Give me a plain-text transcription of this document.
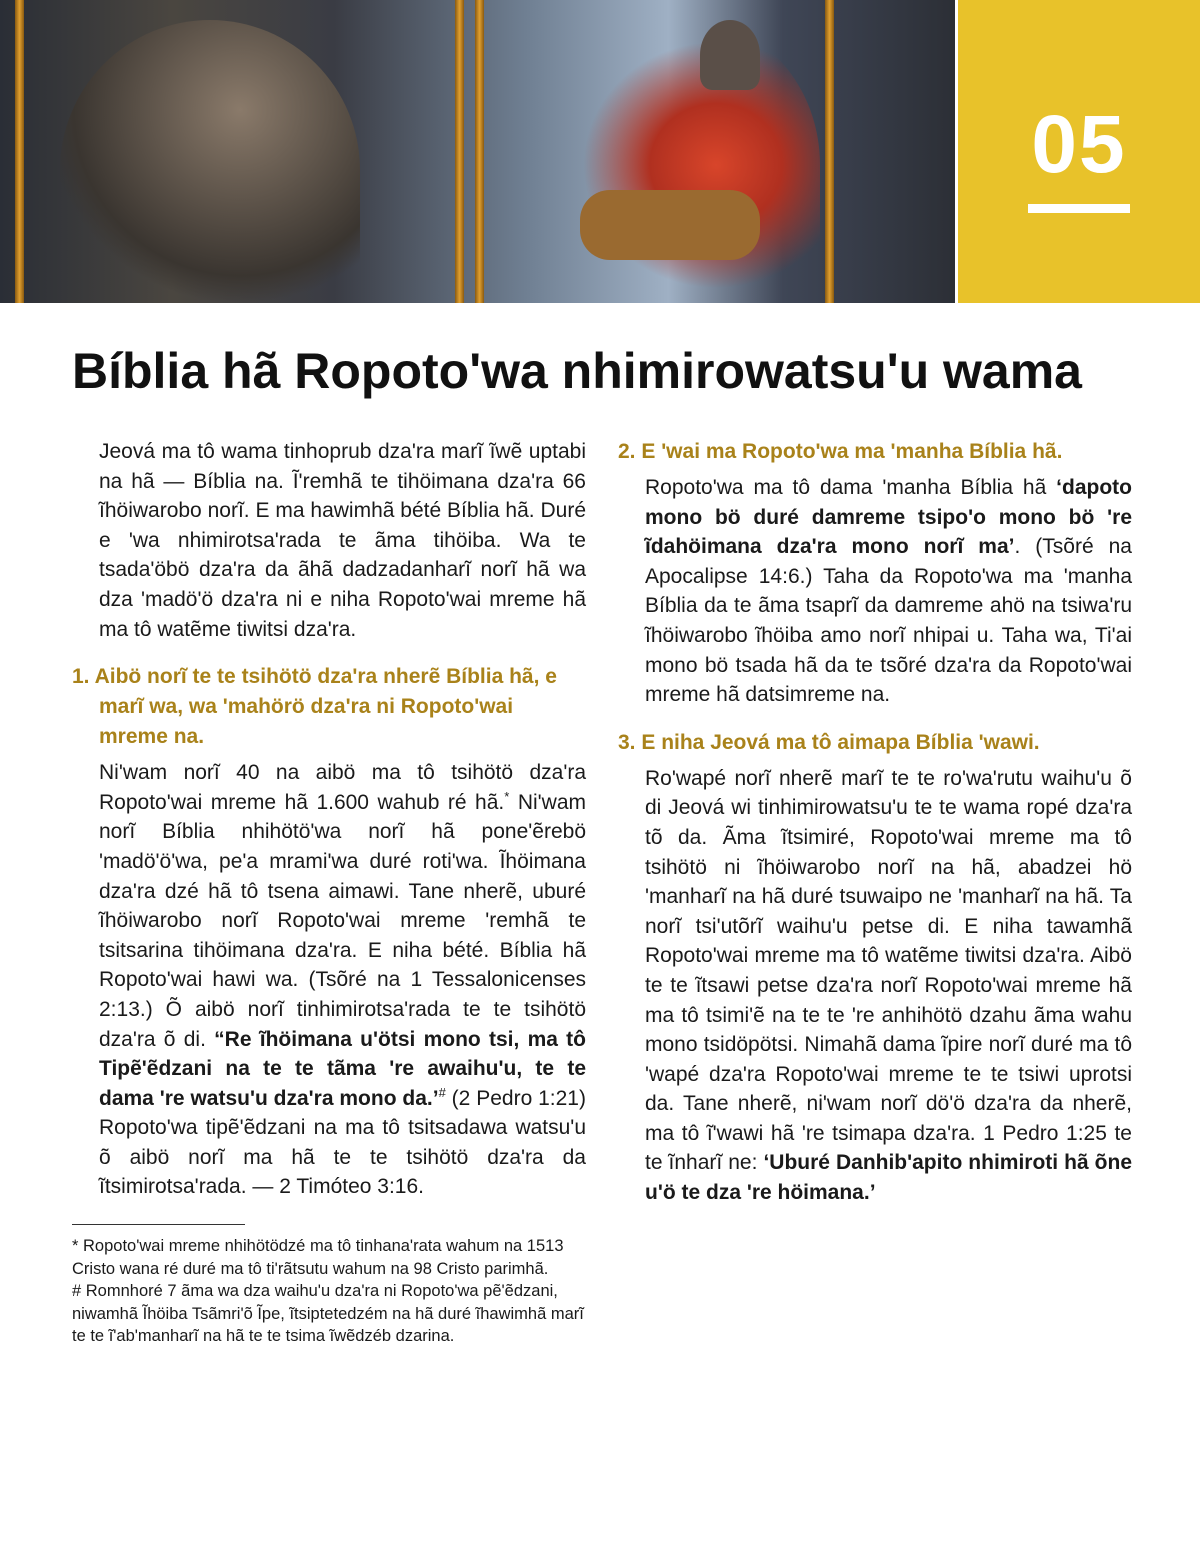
05
Bíblia hã Ropoto'wa nhimirowatsu'u wama

Jeová ma tô wama tinhoprub dza'ra marĩ ĩwẽ uptabi na hã — Bíblia na. Ĩ'remhã te tihöimana dza'ra 66 ĩhöiwarobo norĩ. E ma hawimhã bété Bíblia hã. Duré e 'wa nhimirotsa'rada te ãma tihöiba. Wa te tsada'öbö dza'ra da ãhã dadzadanharĩ norĩ hã wa dza 'madö'ö dza'ra ni e niha Ropoto'wai mreme hã ma tô watẽme tiwitsi dza'ra.

1. Aibö norĩ te te tsihötö dza'ra nherẽ Bíblia hã, e marĩ wa, wa 'mahörö dza'ra ni Ropoto'wai mreme na.

Ni'wam norĩ 40 na aibö ma tô tsihötö dza'ra Ropoto'wai mreme hã 1.600 wahub ré hã.* Ni'wam norĩ Bíblia nhihötö'wa norĩ hã pone'ẽrebö 'madö'ö'wa, pe'a mrami'wa duré roti'wa. Ĩhöimana dza'ra dzé hã tô tsena aimawi. Tane nherẽ, uburé ĩhöiwarobo norĩ Ropoto'wai mreme 'remhã te tsitsarina tihöimana dza'ra. E niha bété. Bíblia hã Ropoto'wai hawi wa. (Tsõré na 1 Tessalonicenses 2:13.) Õ aibö norĩ tinhimirotsa'rada te te tsihötö dza'ra õ di. “Re ĩhöimana u'ötsi mono tsi, ma tô Tipẽ'ẽdzani na te te tãma 're awaihu'u, te te dama 're watsu'u dza'ra mono da.’# (2 Pedro 1:21) Ropoto'wa tipẽ'ẽdzani na ma tô tsitsadawa watsu'u õ aibö norĩ ma hã te te tsihötö dza'ra da ĩtsimirotsa'rada. — 2 Timóteo 3:16.

* Ropoto'wai mreme nhihötödzé ma tô tinhana'rata wahum na 1513 Cristo wana ré duré ma tô ti'rãtsutu wahum na 98 Cristo parimhã.
# Romnhoré 7 ãma wa dza waihu'u dza'ra ni Ropoto'wa pẽ'ẽdzani, niwamhã Ĩhöiba Tsãmri'õ Ĩpe, ĩtsiptetedzém na hã duré ĩhawimhã marĩ te te ĩ'ab'manharĩ na hã te te tsima ĩwẽdzéb dzarina.
2. E 'wai ma Ropoto'wa ma 'manha Bíblia hã.

Ropoto'wa ma tô dama 'manha Bíblia hã ‘dapoto mono bö duré damreme tsipo'o mono bö 're ĩdahöimana dza'ra mono norĩ ma’. (Tsõré na Apocalipse 14:6.) Taha da Ropoto'wa ma 'manha Bíblia da te ãma tsaprĩ da damreme ahö na tsiwa'ru ĩhöiwarobo ĩhöiba amo norĩ nhipai u. Taha wa, Ti'ai mono bö tsada hã da te tsõré dza'ra da Ropoto'wai mreme hã datsimreme na.

3. E niha Jeová ma tô aimapa Bíblia 'wawi.

Ro'wapé norĩ nherẽ marĩ te te ro'wa'rutu waihu'u õ di Jeová wi tinhimirowatsu'u te te wama ropé dza'ra tõ da. Ãma ĩtsimiré, Ropoto'wai mreme ma tô tsihötö ni ĩhöiwarobo norĩ na hã, abadzei hö 'manharĩ na hã duré tsuwaipo ne 'manharĩ na hã. Ta norĩ tsi'utõrĩ waihu'u petse di. E niha tawamhã Ropoto'wai mreme ma tô watẽme tiwitsi dza'ra. Aibö te te ĩtsawi petse dza'ra norĩ Ropoto'wai mreme hã ma tô tsimi'ẽ na te te 're anhihötö dzahu ãma wahu mono tsidöpötsi. Nimahã dama ĩpire norĩ duré ma tô 'wapé dza'ra Ropoto'wai mreme te te tsiwi uprotsi da. Tane nherẽ, ni'wam norĩ dö'ö dza'ra da nherẽ, ma tô ĩ'wawi hã 're tsimapa dza'ra. 1 Pedro 1:25 te te ĩnharĩ ne: ‘Uburé Danhib'apito nhimiroti hã õne u'ö te dza 're höimana.’
